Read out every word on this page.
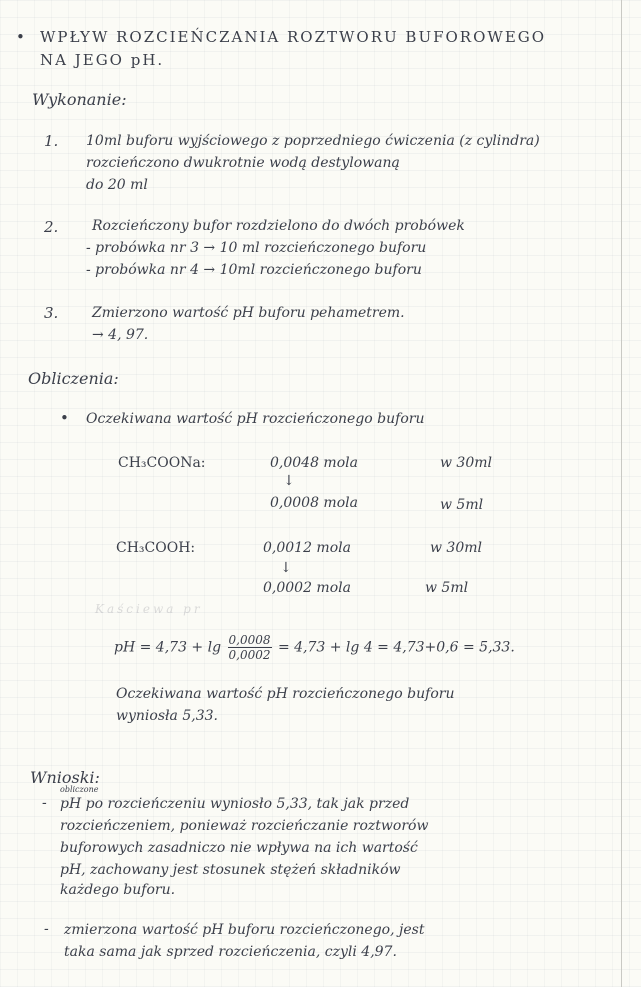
• WPŁYW ROZCIEŃCZANIA ROZTWORU BUFOROWEGO
NA JEGO pH.
Wykonanie:
1. 10ml buforu wyjściowego z poprzedniego ćwiczenia (z cylindra)
rozcieńczono dwukrotnie wodą destylowaną
do 20 ml
2. Rozcieńczony bufor rozdzielono do dwóch probówek
- probówka nr 3 → 10 ml rozcieńczonego buforu
- probówka nr 4 → 10ml rozcieńczonego buforu
3. Zmierzono wartość pH buforu pehametrem.
→ 4, 97.
Obliczenia:
• Oczekiwana wartość pH rozcieńczonego buforu
CH₃COONa:	0,0048 mola	w 30ml
↓
0,0008 mola	w 5ml
CH₃COOH:	0,0012 mola	w 30ml
↓
0,0002 mola	w 5ml
Kaściewa pr
pH = $4,73 + \lg \frac{0,0008}{0,0002} = 4,73 + \lg 4 = 4,73+0,6 = 5,33$.
Oczekiwana wartość pH rozcieńczonego buforu
wyniosła 5,33.
Wnioski:
obliczone
- pH po rozcieńczeniu wyniosło 5,33, tak jak przed
rozcieńczeniem, ponieważ rozcieńczanie roztworów
buforowych zasadniczo nie wpływa na ich wartość
pH, zachowany jest stosunek stężeń składników
każdego buforu.
- zmierzona wartość pH buforu rozcieńczonego, jest
taka sama jak sprzed rozcieńczenia, czyli 4,97.
